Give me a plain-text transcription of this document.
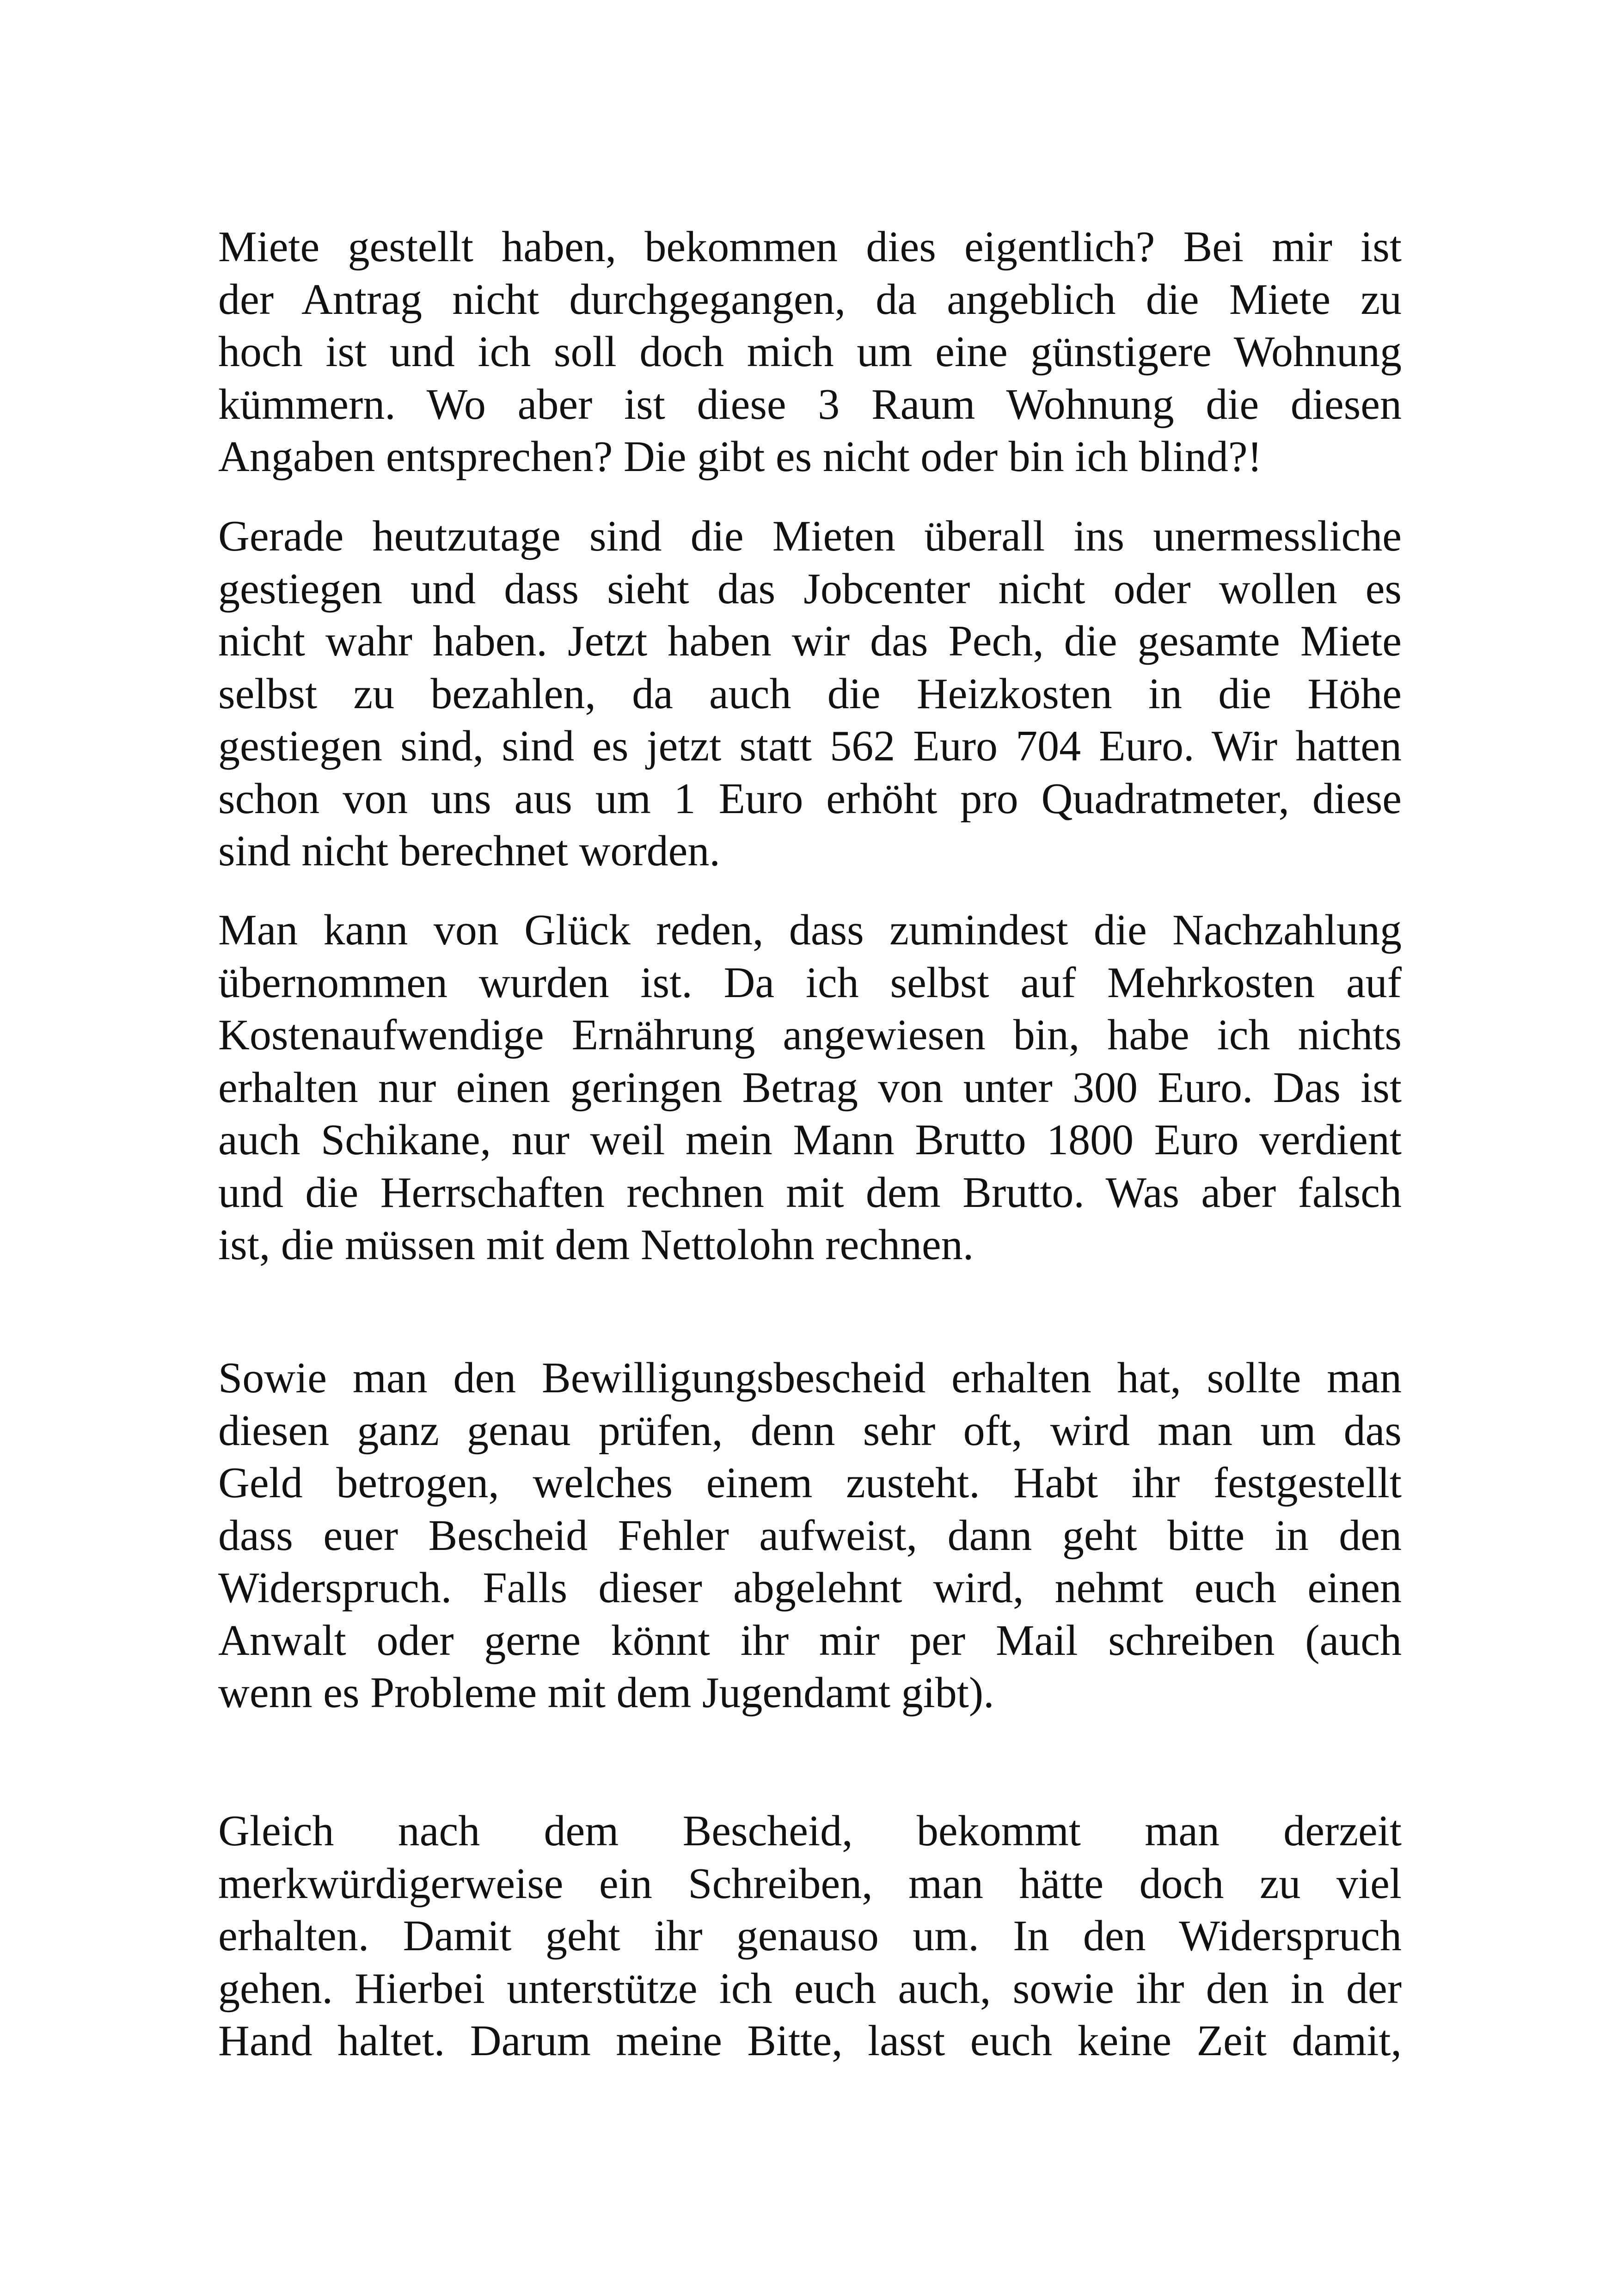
Miete gestellt haben, bekommen dies eigentlich? Bei mir ist
der Antrag nicht durchgegangen, da angeblich die Miete zu
hoch ist und ich soll doch mich um eine günstigere Wohnung
kümmern. Wo aber ist diese 3 Raum Wohnung die diesen
Angaben entsprechen? Die gibt es nicht oder bin ich blind?!

Gerade heutzutage sind die Mieten überall ins unermessliche
gestiegen und dass sieht das Jobcenter nicht oder wollen es
nicht wahr haben. Jetzt haben wir das Pech, die gesamte Miete
selbst zu bezahlen, da auch die Heizkosten in die Höhe
gestiegen sind, sind es jetzt statt 562 Euro 704 Euro. Wir hatten
schon von uns aus um 1 Euro erhöht pro Quadratmeter, diese
sind nicht berechnet worden.

Man kann von Glück reden, dass zumindest die Nachzahlung
übernommen wurden ist. Da ich selbst auf Mehrkosten auf
Kostenaufwendige Ernährung angewiesen bin, habe ich nichts
erhalten nur einen geringen Betrag von unter 300 Euro. Das ist
auch Schikane, nur weil mein Mann Brutto 1800 Euro verdient
und die Herrschaften rechnen mit dem Brutto. Was aber falsch
ist, die müssen mit dem Nettolohn rechnen.

Sowie man den Bewilligungsbescheid erhalten hat, sollte man
diesen ganz genau prüfen, denn sehr oft, wird man um das
Geld betrogen, welches einem zusteht. Habt ihr festgestellt
dass euer Bescheid Fehler aufweist, dann geht bitte in den
Widerspruch. Falls dieser abgelehnt wird, nehmt euch einen
Anwalt oder gerne könnt ihr mir per Mail schreiben (auch
wenn es Probleme mit dem Jugendamt gibt).

Gleich nach dem Bescheid, bekommt man derzeit
merkwürdigerweise ein Schreiben, man hätte doch zu viel
erhalten. Damit geht ihr genauso um. In den Widerspruch
gehen. Hierbei unterstütze ich euch auch, sowie ihr den in der
Hand haltet. Darum meine Bitte, lasst euch keine Zeit damit,
